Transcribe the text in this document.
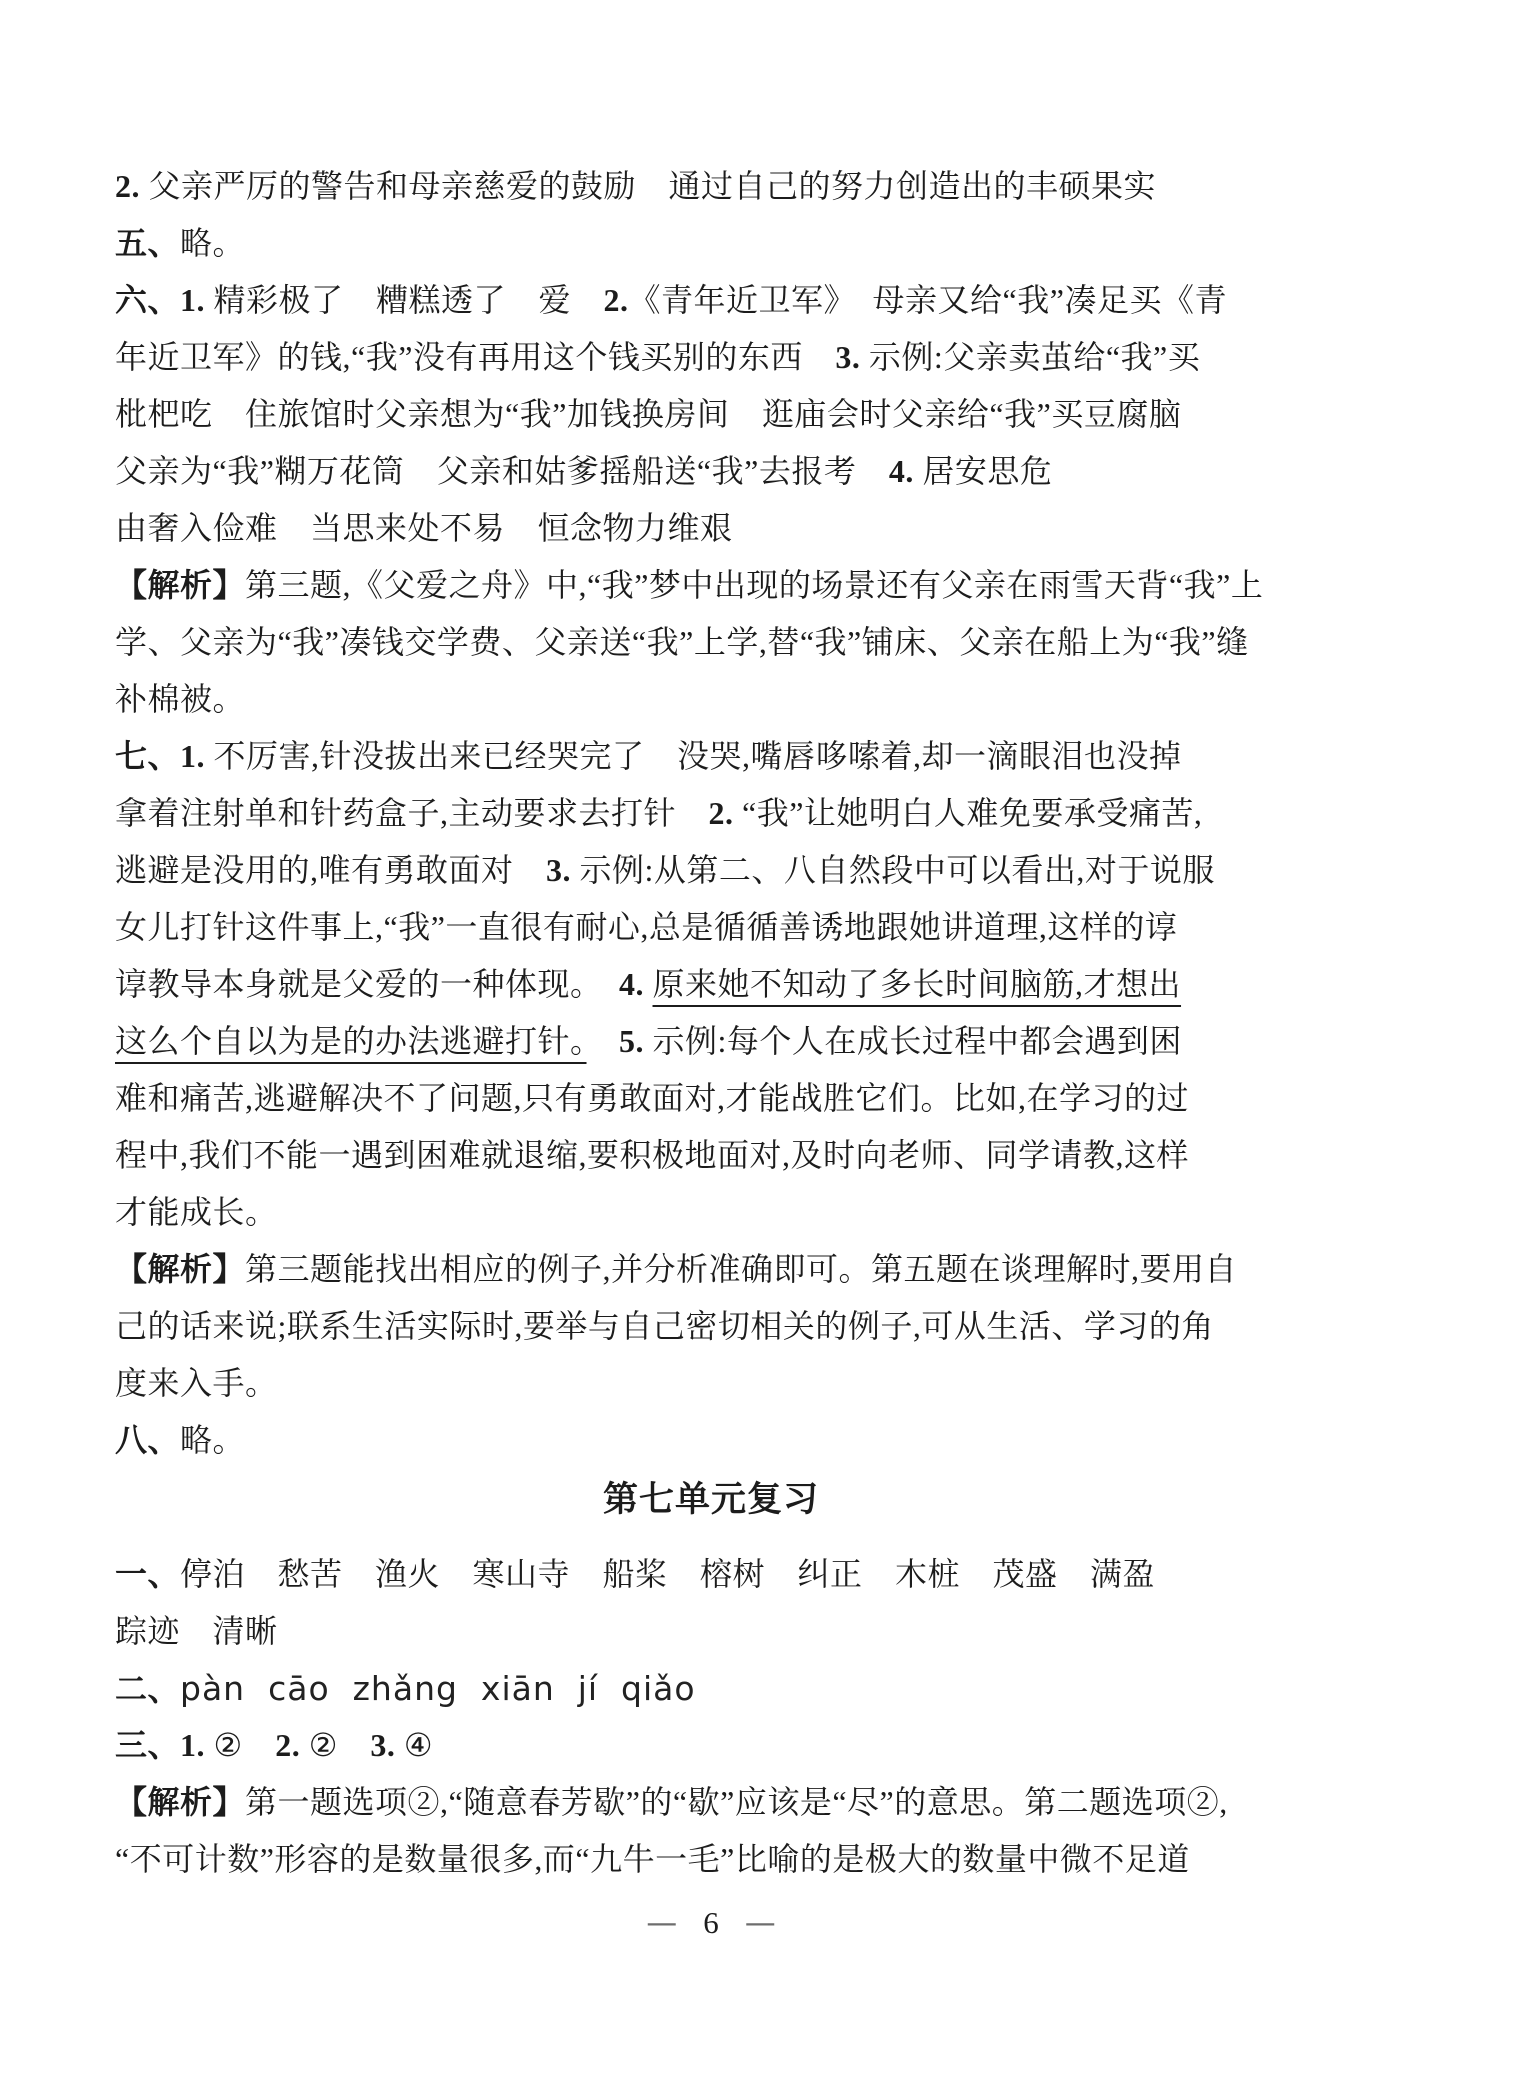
2. 父亲严厉的警告和母亲慈爱的鼓励　通过自己的努力创造出的丰硕果实
五、略。
六、1. 精彩极了　糟糕透了　爱　2.《青年近卫军》　母亲又给“我”凑足买《青
年近卫军》的钱,“我”没有再用这个钱买别的东西　3. 示例:父亲卖茧给“我”买
枇杷吃　住旅馆时父亲想为“我”加钱换房间　逛庙会时父亲给“我”买豆腐脑
父亲为“我”糊万花筒　父亲和姑爹摇船送“我”去报考　4. 居安思危
由奢入俭难　当思来处不易　恒念物力维艰
【解析】第三题,《父爱之舟》中,“我”梦中出现的场景还有父亲在雨雪天背“我”上
学、父亲为“我”凑钱交学费、父亲送“我”上学,替“我”铺床、父亲在船上为“我”缝
补棉被。
七、1. 不厉害,针没拔出来已经哭完了　没哭,嘴唇哆嗦着,却一滴眼泪也没掉
拿着注射单和针药盒子,主动要求去打针　2. “我”让她明白人难免要承受痛苦,
逃避是没用的,唯有勇敢面对　3. 示例:从第二、八自然段中可以看出,对于说服
女儿打针这件事上,“我”一直很有耐心,总是循循善诱地跟她讲道理,这样的谆
谆教导本身就是父爱的一种体现。　4. 原来她不知动了多长时间脑筋,才想出
这么个自以为是的办法逃避打针。　 5. 示例:每个人在成长过程中都会遇到困
难和痛苦,逃避解决不了问题,只有勇敢面对,才能战胜它们。比如,在学习的过
程中,我们不能一遇到困难就退缩,要积极地面对,及时向老师、同学请教,这样
才能成长。
【解析】第三题能找出相应的例子,并分析准确即可。第五题在谈理解时,要用自
己的话来说;联系生活实际时,要举与自己密切相关的例子,可从生活、学习的角
度来入手。
八、略。
第七单元复习
一、停泊　愁苦　渔火　寒山寺　船桨　榕树　纠正　木桩　茂盛　满盈
踪迹　清晰
二、pàn  cāo  zhǎng  xiān  jí  qiǎo
三、1. ②　2. ②　3. ④
【解析】第一题选项②,“随意春芳歇”的“歇”应该是“尽”的意思。第二题选项②,
“不可计数”形容的是数量很多,而“九牛一毛”比喻的是极大的数量中微不足道
— 6 —
